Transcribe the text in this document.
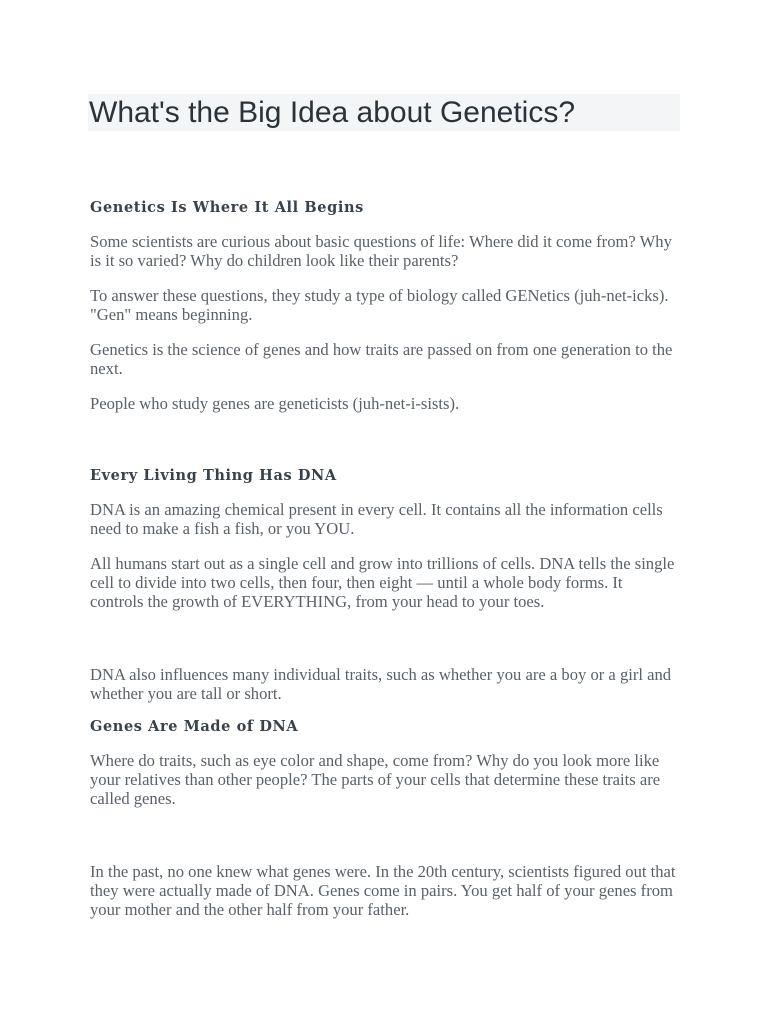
What's the Big Idea about Genetics?
Genetics Is Where It All Begins

Some scientists are curious about basic questions of life: Where did it come from? Why is it so varied? Why do children look like their parents?

To answer these questions, they study a type of biology called GENetics (juh-net-icks). "Gen" means beginning.

Genetics is the science of genes and how traits are passed on from one generation to the next.

People who study genes are geneticists (juh-net-i-sists).

Every Living Thing Has DNA

DNA is an amazing chemical present in every cell. It contains all the information cells need to make a fish a fish, or you YOU.

All humans start out as a single cell and grow into trillions of cells. DNA tells the single cell to divide into two cells, then four, then eight — until a whole body forms. It controls the growth of EVERYTHING, from your head to your toes.

DNA also influences many individual traits, such as whether you are a boy or a girl and whether you are tall or short.

Genes Are Made of DNA

Where do traits, such as eye color and shape, come from? Why do you look more like your relatives than other people? The parts of your cells that determine these traits are called genes.

In the past, no one knew what genes were. In the 20th century, scientists figured out that they were actually made of DNA. Genes come in pairs. You get half of your genes from your mother and the other half from your father.
